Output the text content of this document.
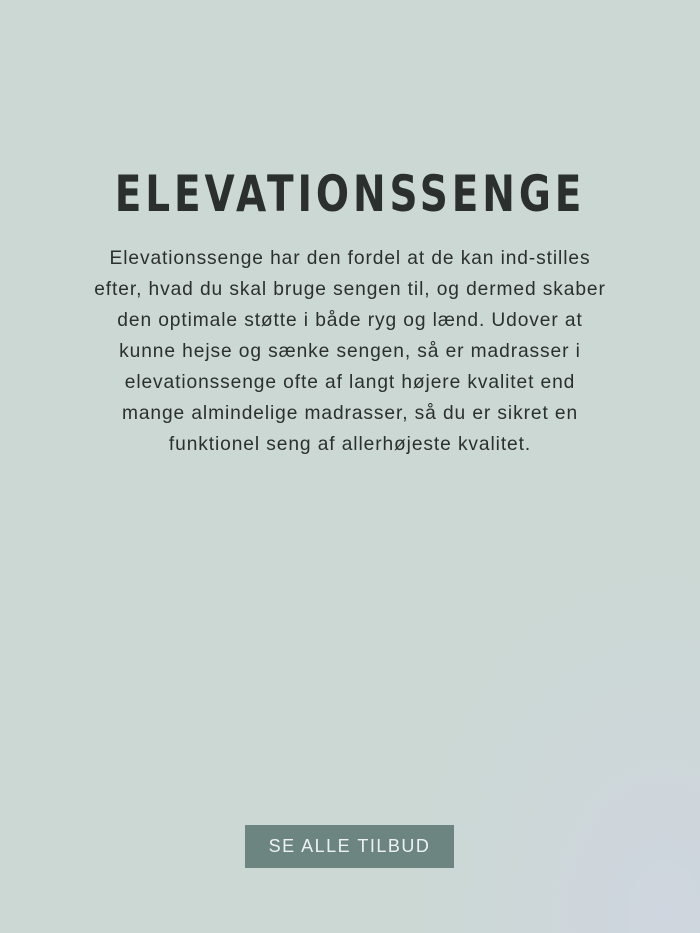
ELEVATIONSSENGE

Elevationssenge har den fordel at de kan ind-stilles efter, hvad du skal bruge sengen til, og dermed skaber den optimale støtte i både ryg og lænd. Udover at kunne hejse og sænke sengen, så er madrasser i elevationssenge ofte af langt højere kvalitet end mange almindelige madrasser, så du er sikret en funktionel seng af allerhøjeste kvalitet.

SE ALLE TILBUD
